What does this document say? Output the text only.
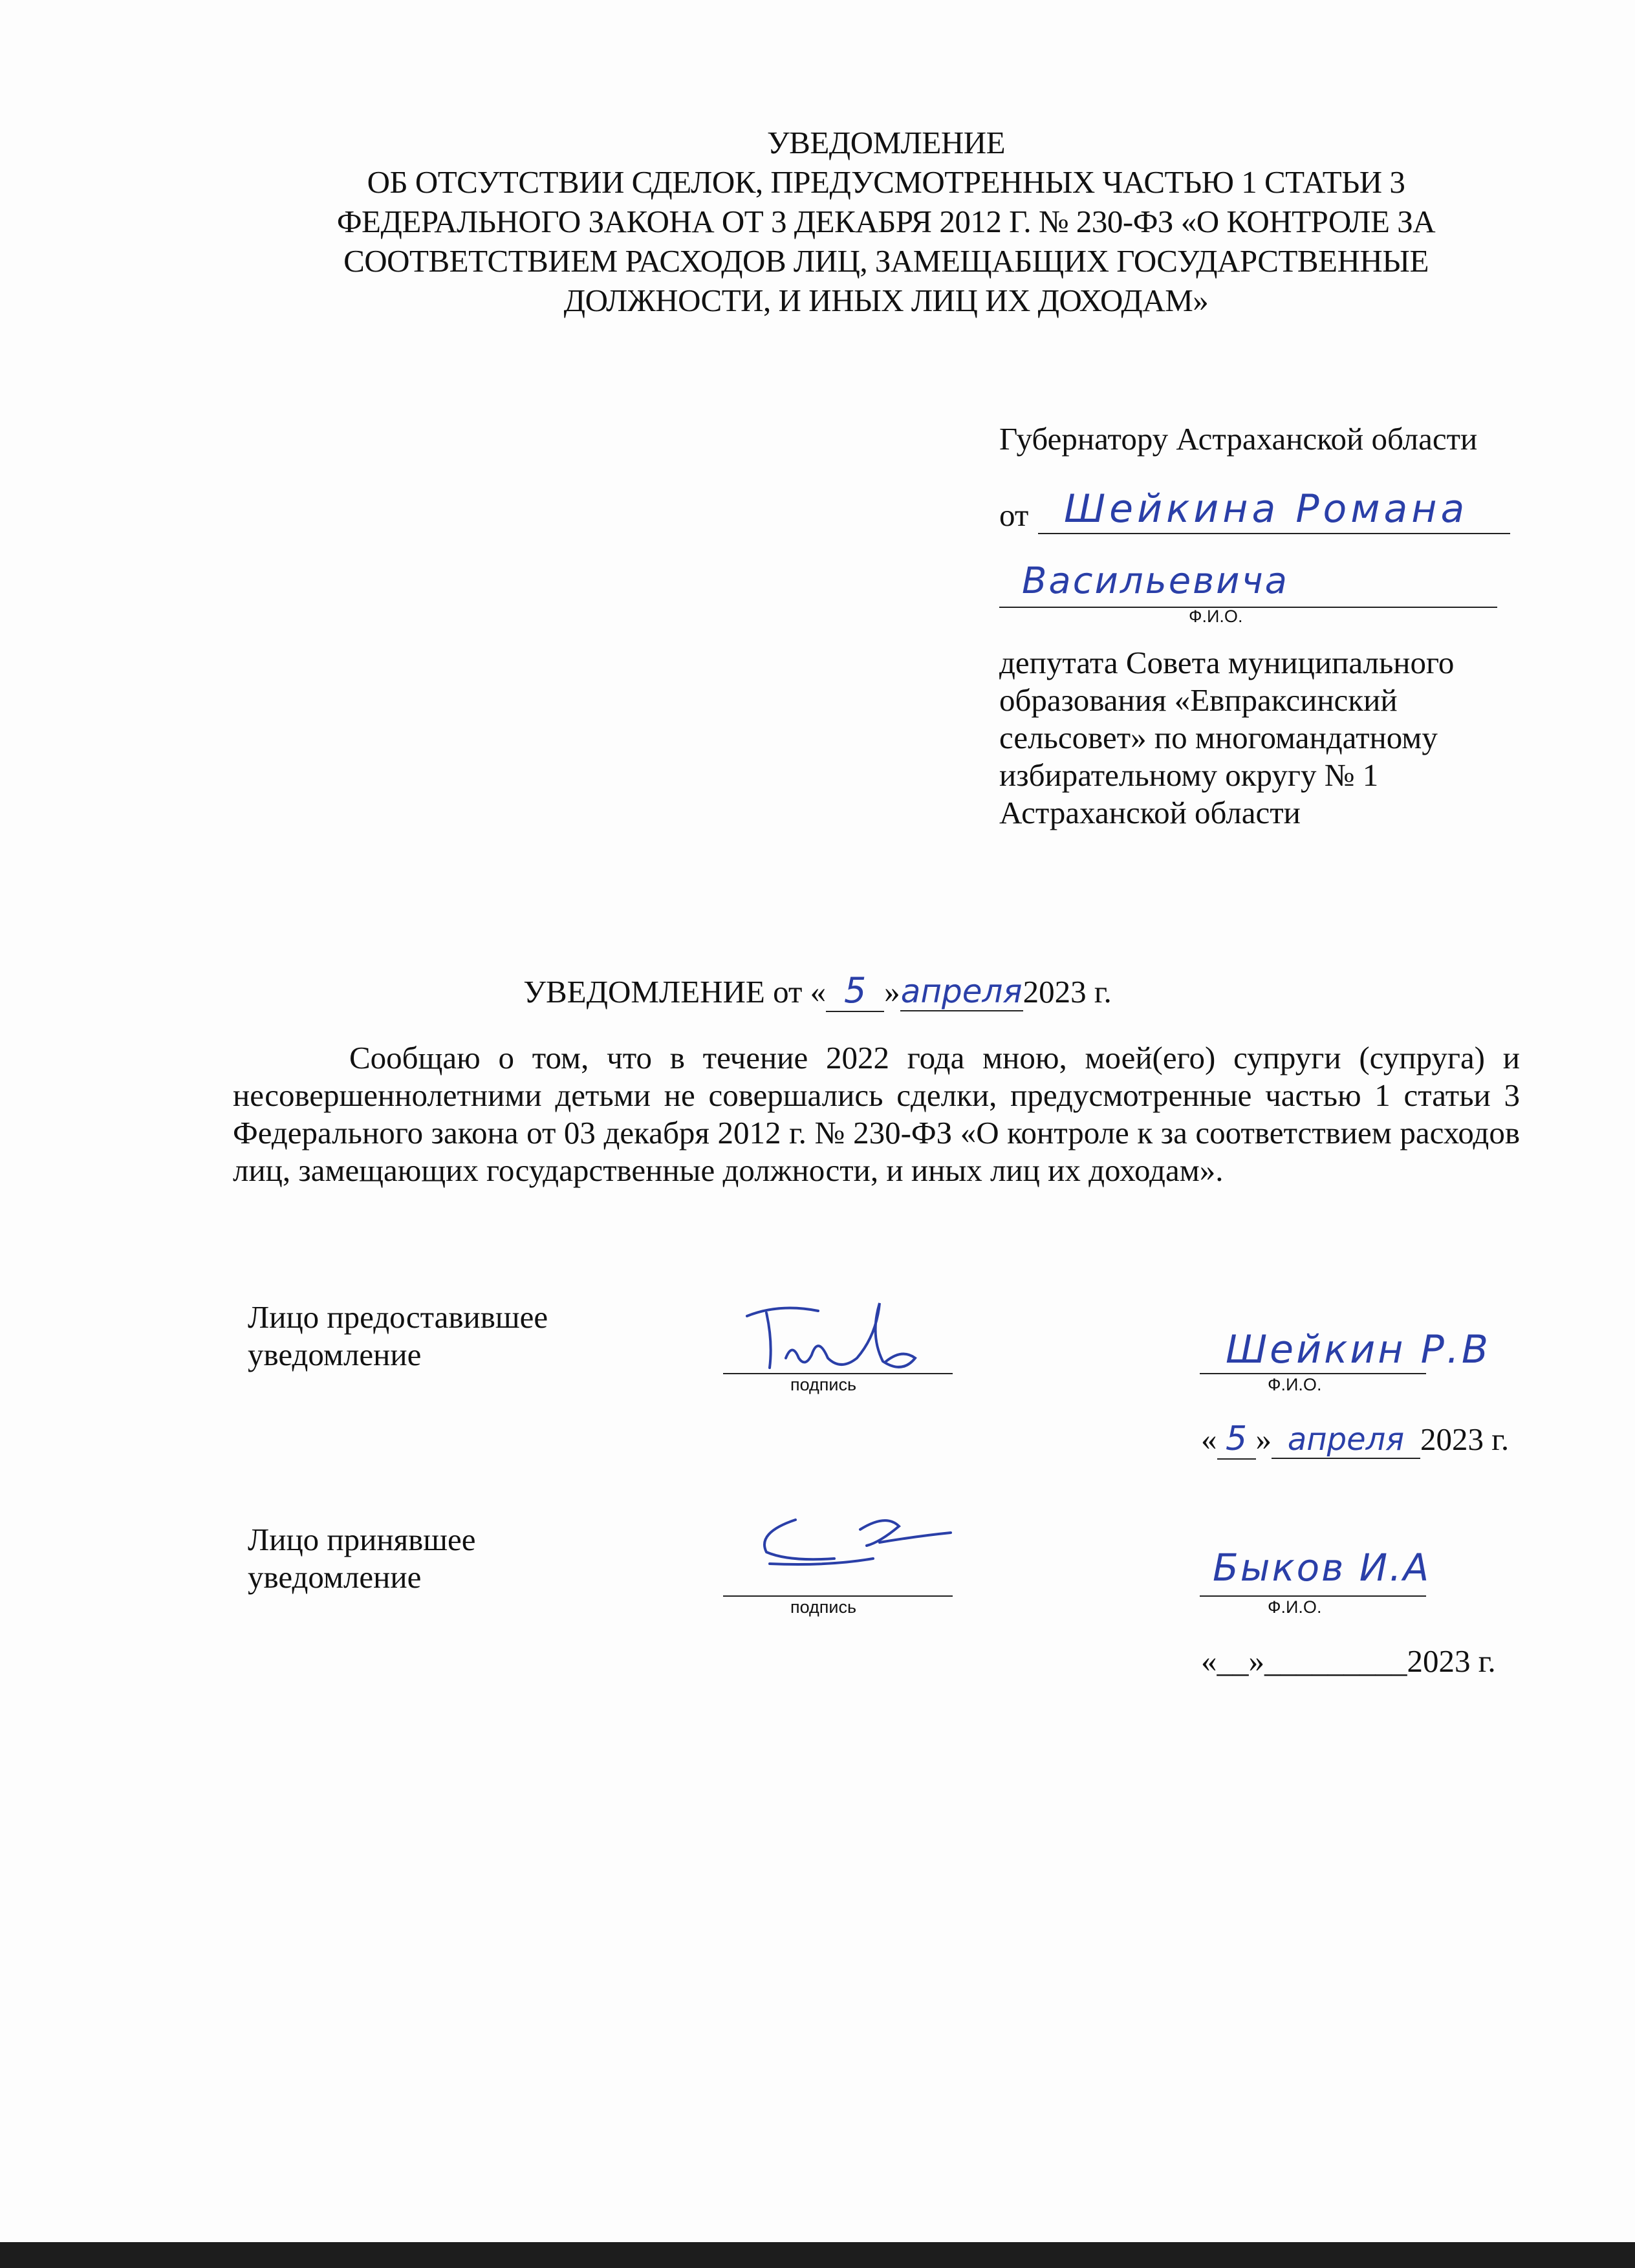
УВЕДОМЛЕНИЕ
ОБ ОТСУТСТВИИ СДЕЛОК, ПРЕДУСМОТРЕННЫХ ЧАСТЬЮ 1 СТАТЬИ 3
ФЕДЕРАЛЬНОГО ЗАКОНА ОТ 3 ДЕКАБРЯ 2012 Г. № 230-ФЗ «О КОНТРОЛЕ ЗА
СООТВЕТСТВИЕМ РАСХОДОВ ЛИЦ, ЗАМЕЩАБЩИХ ГОСУДАРСТВЕННЫЕ
ДОЛЖНОСТИ, И ИНЫХ ЛИЦ ИХ ДОХОДАМ»
Губернатору Астраханской области
от Шейкина Романа
Васильевича
Ф.И.О.
депутата Совета муниципального образования «Евпраксинский сельсовет» по многомандатному избирательному округу № 1 Астраханской области
УВЕДОМЛЕНИЕ от « 5 »апреля2023 г.
Сообщаю о том, что в течение 2022 года мною, моей(его) супруги (супруга) и несовершеннолетними детьми не совершались сделки, предусмотренные частью 1 статьи 3 Федерального закона от 03 декабря 2012 г. № 230-ФЗ «О контроле к за соответствием расходов лиц, замещающих государственные должности, и иных лиц их доходам».
Лицо предоставившее
уведомление
подпись
Шейкин Р.В
Ф.И.О.
« 5 » апреля 2023 г.
Лицо принявшее
уведомление
подпись
Быков И.А
Ф.И.О.
«__»_________2023 г.
